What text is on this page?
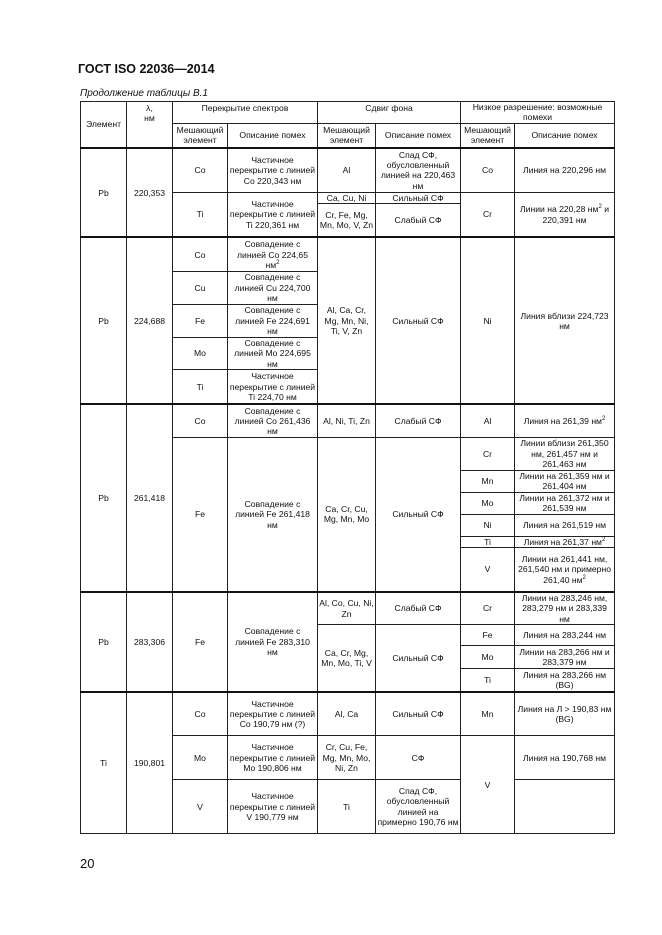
ГОСТ ISO 22036—2014
Продолжение таблицы B.1
Элемент	λ,
нм	Перекрытие спектров		Сдвиг фона		Низкое разрешение: возможные помехи	
		Мешающий элемент	Описание помех	Мешающий элемент	Описание помех	Мешающий элемент	Описание помех
Pb	220,353	Co	Частичное перекрытие с линией Co 220,343 нм	Al	Спад СФ, обусловленный линией на 220,463 нм	Co	Линия на 220,296 нм
		Ti	Частичное перекрытие с линией Ti 220,361 нм	Ca, Cu, Ni	Сильный СФ	Cr	Линии на 220,28 $нм^2$ и 220,391 нм
				Cr, Fe, Mg, Mn, Mo, V, Zn	Слабый СФ		
Pb	224,688	Co	Совпадение с линией Co 224,65 $нм^2$	Al, Ca, Cr, Mg, Mn, Ni, Ti, V, Zn	Сильный СФ	Ni	Линия вблизи 224,723 нм
		Cu	Совпадение с линией Cu 224,700 нм				
		Fe	Совпадение с линией Fe 224,691 нм				
		Mo	Совпадение с линией Mo 224,695 нм				
		Ti	Частичное перекрытие с линией Ti 224,70 нм				
Pb	261,418	Co	Совпадение с линией Co 261,436 нм	Al, Ni, Ti, Zn	Слабый СФ	Al	Линия на 261,39 $нм^2$
		Fe	Совпадение с линией Fe 261,418 нм	Ca, Cr, Cu, Mg, Mn, Mo	Сильный СФ	Cr	Линии вблизи 261,350 нм, 261,457 нм и 261,463 нм
						Mn	Линии на 261,359 нм и 261,404 нм
						Mo	Линии на 261,372 нм и 261,539 нм
						Ni	Линия на 261,519 нм
						Ti	Линия на 261,37 $нм^2$
						V	Линии на 261,441 нм, 261,540 нм и примерно 261,40 $нм^2$
Pb	283,306	Fe	Совпадение с линией Fe 283,310 нм	Al, Co, Cu, Ni, Zn	Слабый СФ	Cr	Линии на 283,246 нм, 283,279 нм и 283,339 нм
				Ca, Cr, Mg, Mn, Mo, Ti, V	Сильный СФ	Fe	Линия на 283,244 нм
						Mo	Линии на 283,266 нм и 283,379 нм
						Ti	Линия на 283,266 нм (BG)
Ti	190,801	Co	Частичное перекрытие с линией Co 190,79 нм (?)	Al, Ca	Сильный СФ	Mn	Линия на Л > 190,83 нм (BG)
		Mo	Частичное перекрытие с линией Mo 190,806 нм	Cr, Cu, Fe, Mg, Mn, Mo, Ni, Zn	СФ	V	Линия на 190,768 нм
		V	Частичное перекрытие с линией V 190,779 нм	Ti	Спад СФ, обусловленный линией на примерно 190,76 нм		
20
